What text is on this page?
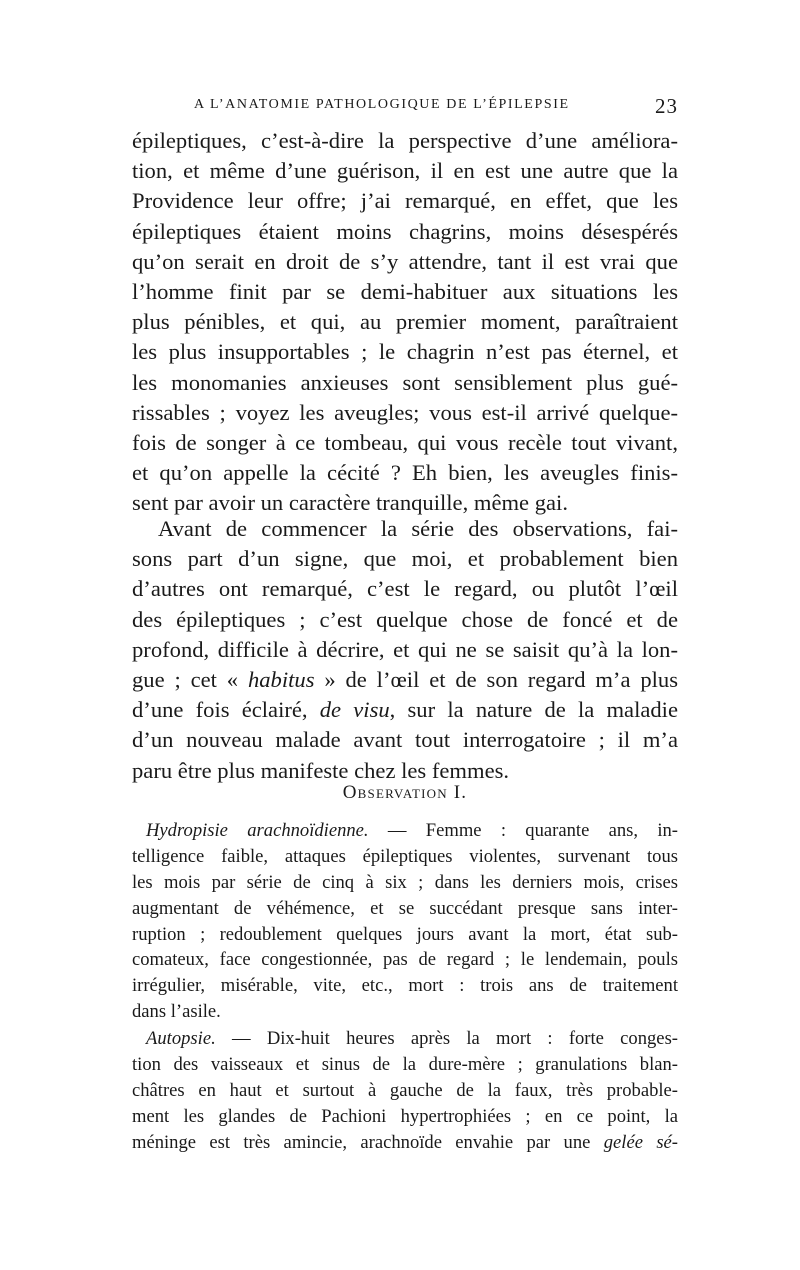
A L’ANATOMIE PATHOLOGIQUE DE L’ÉPILEPSIE	23
épileptiques, c’est-à-dire la perspective d’une améliora-
tion, et même d’une guérison, il en est une autre que la
Providence leur offre; j’ai remarqué, en effet, que les
épileptiques étaient moins chagrins, moins désespérés
qu’on serait en droit de s’y attendre, tant il est vrai que
l’homme finit par se demi-habituer aux situations les
plus pénibles, et qui, au premier moment, paraîtraient
les plus insupportables ; le chagrin n’est pas éternel, et
les monomanies anxieuses sont sensiblement plus gué-
rissables ; voyez les aveugles; vous est-il arrivé quelque-
fois de songer à ce tombeau, qui vous recèle tout vivant,
et qu’on appelle la cécité ? Eh bien, les aveugles finis-
sent par avoir un caractère tranquille, même gai.
Avant de commencer la série des observations, fai-
sons part d’un signe, que moi, et probablement bien
d’autres ont remarqué, c’est le regard, ou plutôt l’œil
des épileptiques ; c’est quelque chose de foncé et de
profond, difficile à décrire, et qui ne se saisit qu’à la lon-
gue ; cet « habitus » de l’œil et de son regard m’a plus
d’une fois éclairé, de visu, sur la nature de la maladie
d’un nouveau malade avant tout interrogatoire ; il m’a
paru être plus manifeste chez les femmes.
Observation I.
Hydropisie arachnoïdienne. — Femme : quarante ans, in-
telligence faible, attaques épileptiques violentes, survenant tous
les mois par série de cinq à six ; dans les derniers mois, crises
augmentant de véhémence, et se succédant presque sans inter-
ruption ; redoublement quelques jours avant la mort, état sub-
comateux, face congestionnée, pas de regard ; le lendemain, pouls
irrégulier, misérable, vite, etc., mort : trois ans de traitement
dans l’asile.
Autopsie. — Dix-huit heures après la mort : forte conges-
tion des vaisseaux et sinus de la dure-mère ; granulations blan-
châtres en haut et surtout à gauche de la faux, très probable-
ment les glandes de Pachioni hypertrophiées ; en ce point, la
méninge est très amincie, arachnoïde envahie par une gelée sé-
